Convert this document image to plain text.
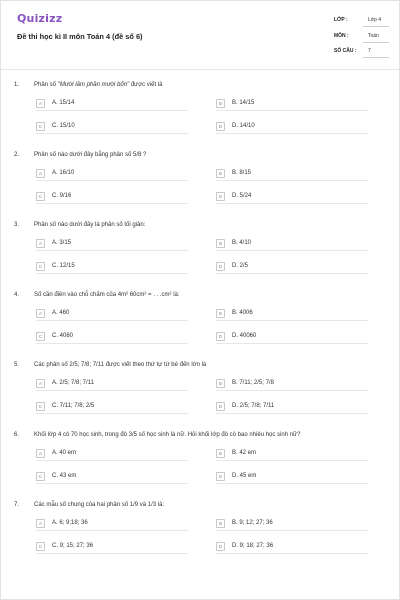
Quizizz
Đề thi học kì II môn Toán 4 (đề số 6)
LỚP :	Lớp 4
MÔN :	Toán
SỐ CÂU : 7
1. Phân số "Mười lăm phần mười bốn" được viết là
A	A. 15/14	B	B. 14/15
C	C. 15/10	D	D. 14/10
2. Phân số nào dưới đây bằng phân số 5/8 ?
A	A. 16/10	B	B. 8/15
C	C. 9/16	D	D. 5/24
3. Phân số nào dưới đây là phân số tối giản:
A	A. 3/15	B	B. 4/10
C	C. 12/15	D	D. 2/5
4. Số cần điền vào chỗ chấm của 4m² 60cm² = . . .cm² là:
A	A. 460	B	B. 4006
C	C. 4060	D	D. 40060
5. Các phân số 2/5; 7/8; 7/11 được viết theo thứ tự từ bé đến lớn là
A	A. 2/5; 7/8; 7/11	B	B. 7/11; 2/5; 7/8
C	C. 7/11; 7/8; 2/5	D	D. 2/5; 7/8; 7/11
6. Khối lớp 4 có 70 học sinh, trong đó 3/5 số học sinh là nữ. Hỏi khối lớp đó có bao nhiêu học sinh nữ?
A	A. 40 em	B	B. 42 em
C	C. 43 em	D	D. 45 em
7. Các mẫu số chung của hai phân số 1/9 và 1/3 là:
A	A. 6; 9;18; 36	B	B. 9; 12; 27; 36
C	C. 9; 15; 27; 36	D	D. 9; 18; 27; 36
